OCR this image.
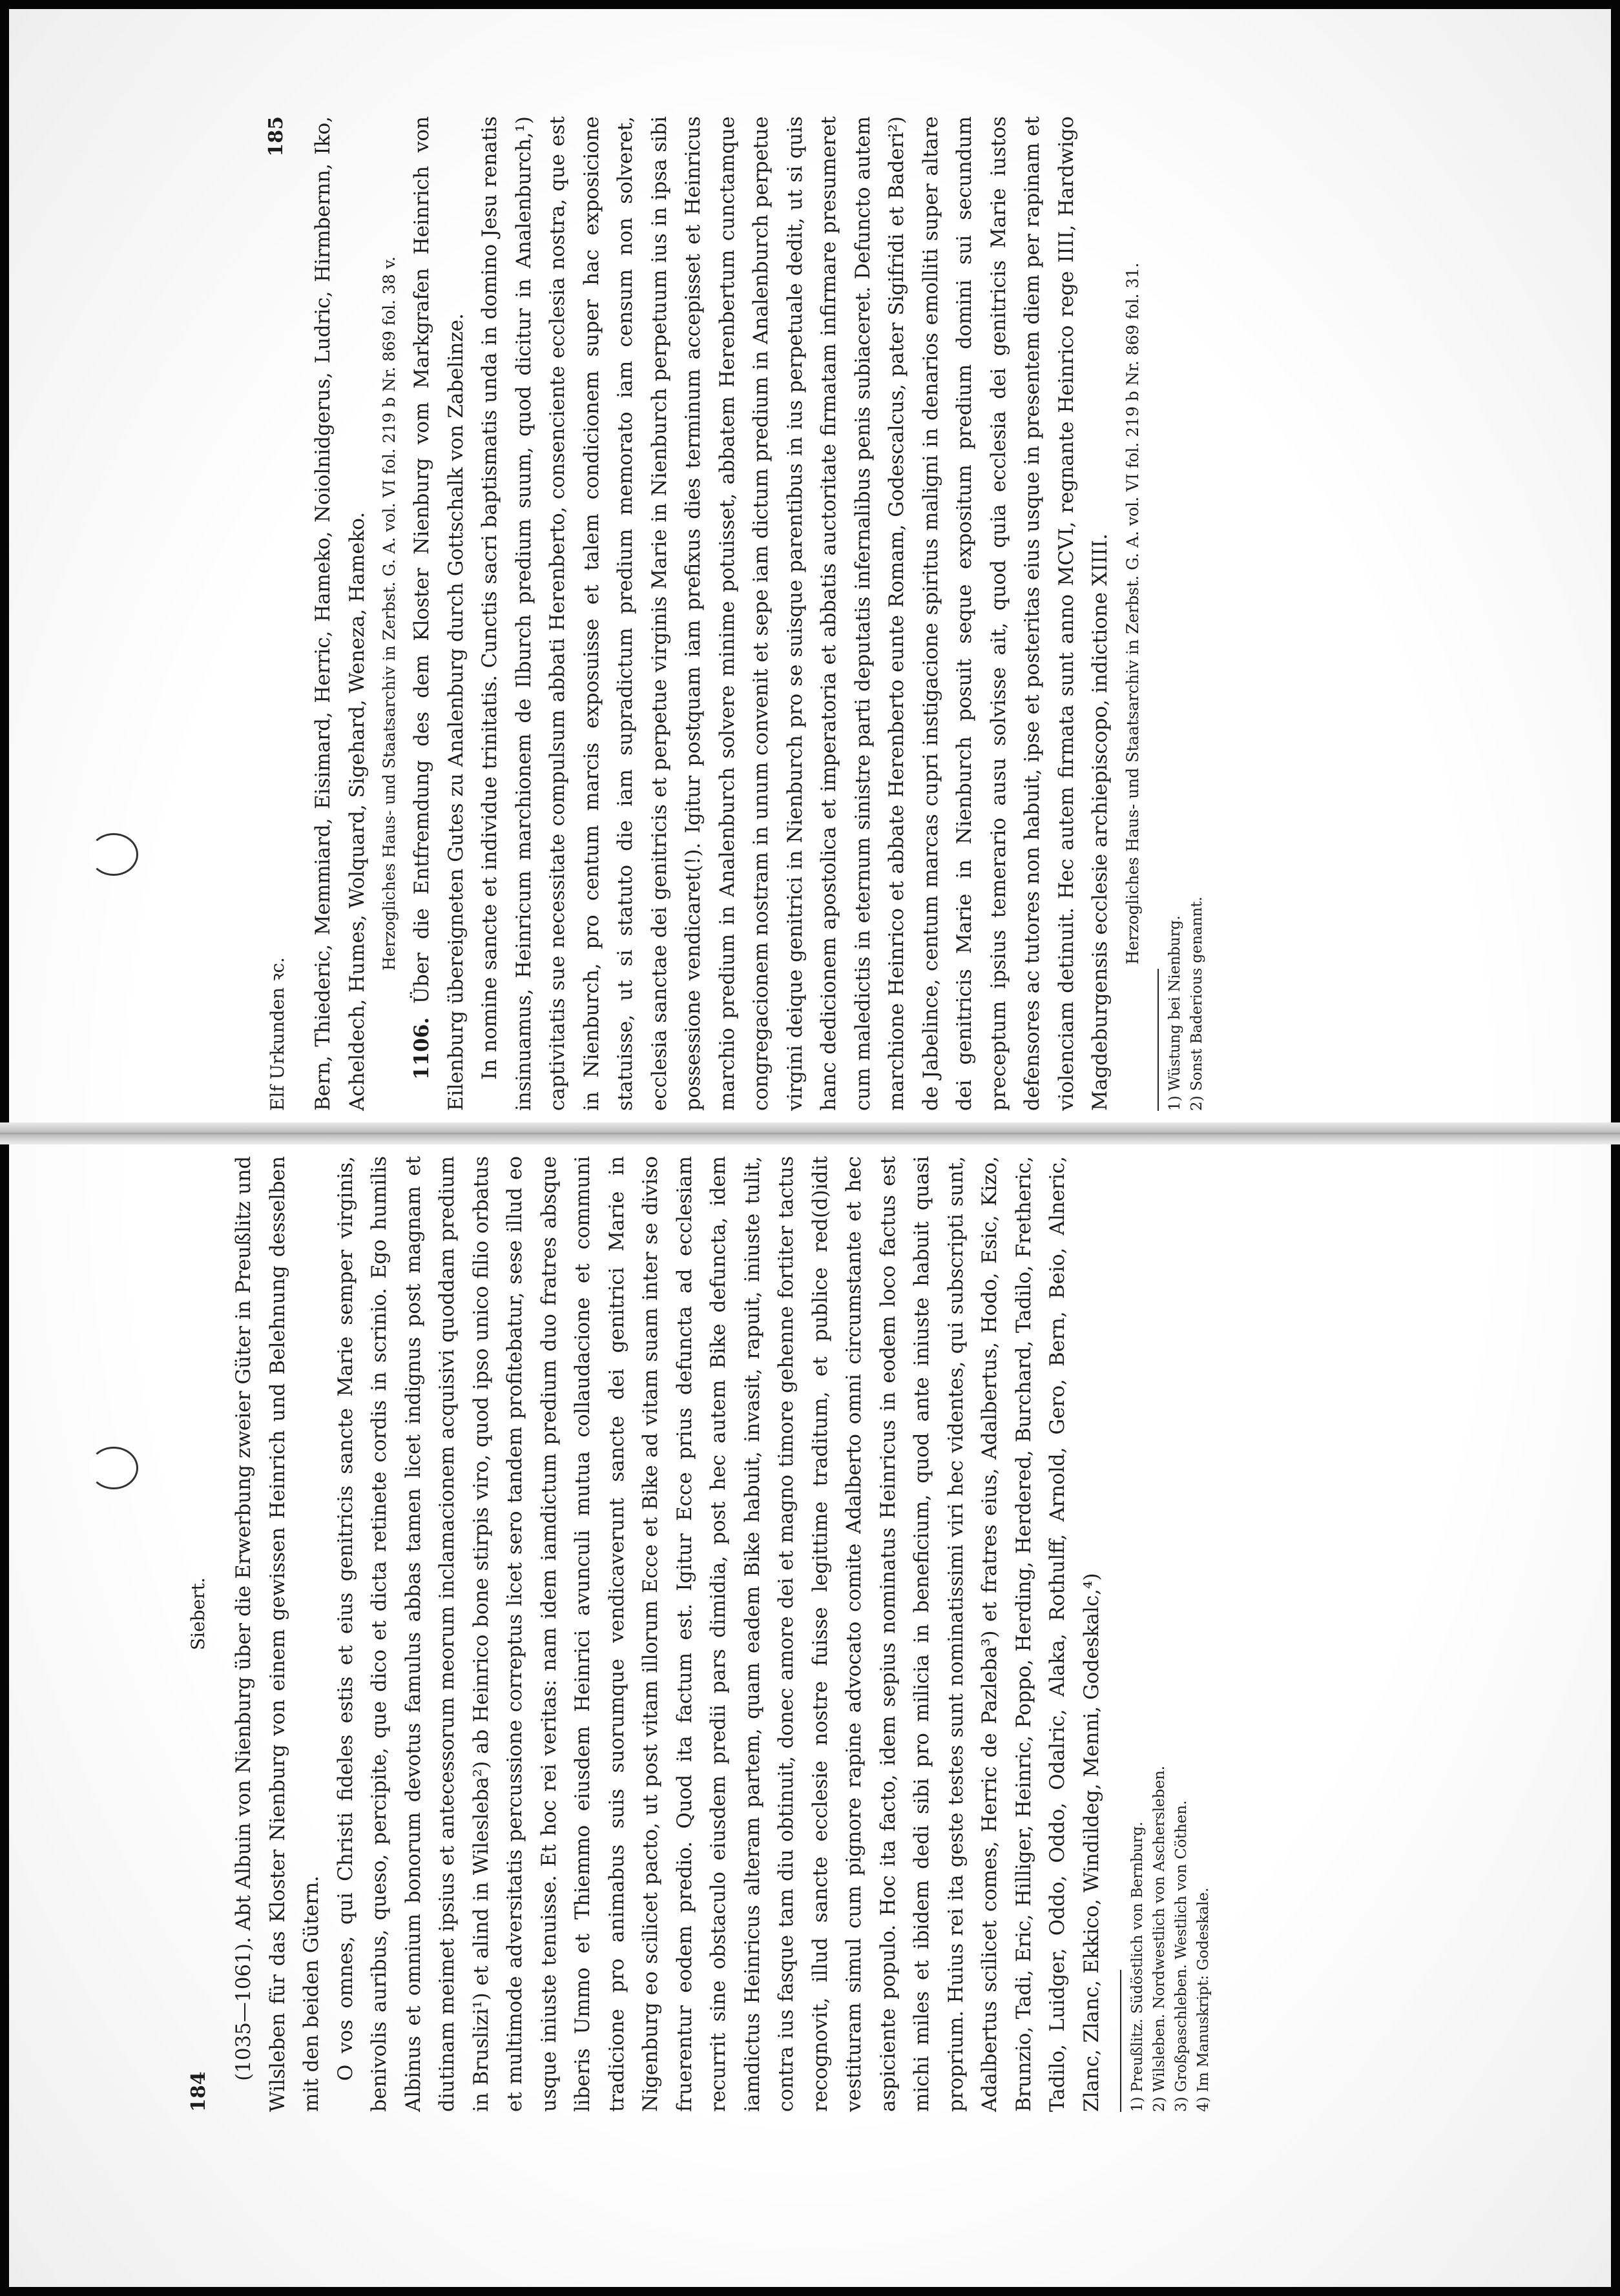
Elf Urkunden ꝛc.
185 Bern, Thiederic, Memmiard, Eisimard, Herric, Hameko, Noiolnidgerus, Ludric, Hirmbernn, Iko, Acheldech, Humes, Wolquard, Sigehard, Weneza, Hameko. Herzogliches Haus- und Staatsarchiv in Zerbst. G. A. vol. VI fol. 219 b Nr. 869 fol. 38 v.

1106. Über die Entfremdung des dem Kloster Nienburg vom Markgrafen Heinrich von Eilenburg übereigneten Gutes zu Analenburg durch Gottschalk von Zabelinze. In nomine sancte et individue trinitatis. Cunctis sacri baptismatis unda in domino Jesu renatis insinuamus, Heinricum marchionem de Ilburch predium suum, quod dicitur in Analenburch,¹) captivitatis sue necessitate compulsum abbati Herenberto, consenciente ecclesia nostra, que est in Nienburch, pro centum marcis exposuisse et talem condicionem super hac exposicione statuisse, ut si statuto die iam supradictum predium memorato iam censum non solveret, ecclesia sanctae dei genitricis et perpetue virginis Marie in Nienburch perpetuum ius in ipsa sibi possessione vendicaret(!). Igitur postquam iam prefixus dies terminum accepisset et Heinricus marchio predium in Analenburch solvere minime potuisset, abbatem Herenbertum cunctamque congregacionem nostram in unum convenit et sepe iam dictum predium in Analenburch perpetue virgini deique genitrici in Nienburch pro se suisque parentibus in ius perpetuale dedit, ut si quis hanc dedicionem apostolica et imperatoria et abbatis auctoritate firmatam infirmare presumeret cum maledictis in eternum sinistre parti deputatis infernalibus penis subiaceret. Defuncto autem marchione Heinrico et abbate Herenberto eunte Romam, Godescalcus, pater Sigifridi et Baderi²) de Jabelince, centum marcas cupri instigacione spiritus maligni in denarios emolliti super altare dei genitricis Marie in Nienburch posuit seque expositum predium domini sui secundum preceptum ipsius temerario ausu solvisse ait, quod quia ecclesia dei genitricis Marie iustos defensores ac tutores non habuit, ipse et posteritas eius usque in presentem diem per rapinam et violenciam detinuit. Hec autem firmata sunt anno MCVI, regnante Heinrico rege IIII, Hardwigo Magdeburgensis ecclesie archiepiscopo, indictione XIIII. Herzogliches Haus- und Staatsarchiv in Zerbst. G. A. vol. VI fol. 219 b Nr. 869 fol. 31.
1) Wüstung bei Nienburg. 2) Sonst Baderious genannt.
184
Siebert. (1035—1061). Abt Albuin von Nienburg über die Erwerbung zweier Güter in Preußlitz und Wilsleben für das Kloster Nienburg von einem gewissen Heinrich und Belehnung desselben mit den beiden Gütern. O vos omnes, qui Christi fideles estis et eius genitricis sancte Marie semper virginis, benivolis auribus, queso, percipite, que dico et dicta retinete cordis in scrinio. Ego humilis Albinus et omnium bonorum devotus famulus abbas tamen licet indignus post magnam et diutinam meimet ipsius et antecessorum meorum inclamacionem acquisivi quoddam predium in Bruslizi¹) et alind in Wilesleba²) ab Heinrico bone stirpis viro, quod ipso unico filio orbatus et multimode adversitatis percussione correptus licet sero tandem profitebatur, sese illud eo usque iniuste tenuisse. Et hoc rei veritas: nam idem iamdictum predium duo fratres absque liberis Ummo et Thiemmo eiusdem Heinrici avunculi mutua collaudacione et communi tradicione pro animabus suis suorumque vendicaverunt sancte dei genitrici Marie in Nigenburg eo scilicet pacto, ut post vitam illorum Ecce et Bike ad vitam suam inter se diviso fruerentur eodem predio. Quod ita factum est. Igitur Ecce prius defuncta ad ecclesiam recurrit sine obstaculo eiusdem predii pars dimidia, post hec autem Bike defuncta, idem iamdictus Heinricus alteram partem, quam eadem Bike habuit, invasit, rapuit, iniuste tulit, contra ius fasque tam diu obtinuit, donec amore dei et magno timore gehenne fortiter tactus recognovit, illud sancte ecclesie nostre fuisse legittime traditum, et publice red(d)idit vestituram simul cum pignore rapine advocato comite Adalberto omni circumstante et hec aspiciente populo. Hoc ita facto, idem sepius nominatus Heinricus in eodem loco factus est michi miles et ibidem dedi sibi pro milicia in beneficium, quod ante iniuste habuit quasi proprium. Huius rei ita geste testes sunt nominatissimi viri hec videntes, qui subscripti sunt, Adalbertus scilicet comes, Herric de Pazleba³) et fratres eius, Adalbertus, Hodo, Esic, Kizo, Brunzio, Tadi, Eric, Hilliger, Heinric, Poppo, Herding, Herdered, Burchard, Tadilo, Fretheric, Tadilo, Luidger, Oddo, Oddo, Odalric, Alaka, Rothulff, Arnold, Gero, Bern, Beio, Alneric, Zlanc, Zlanc, Ekkico, Windildeg, Menni, Godeskalc,⁴)	1) Preußlitz. Südöstlich von Bernburg. 2) Wilsleben. Nordwestlich von Aschersleben. 3) Großpaschleben. Westlich von Cöthen. 4) Im Manuskript: Godeskale.
